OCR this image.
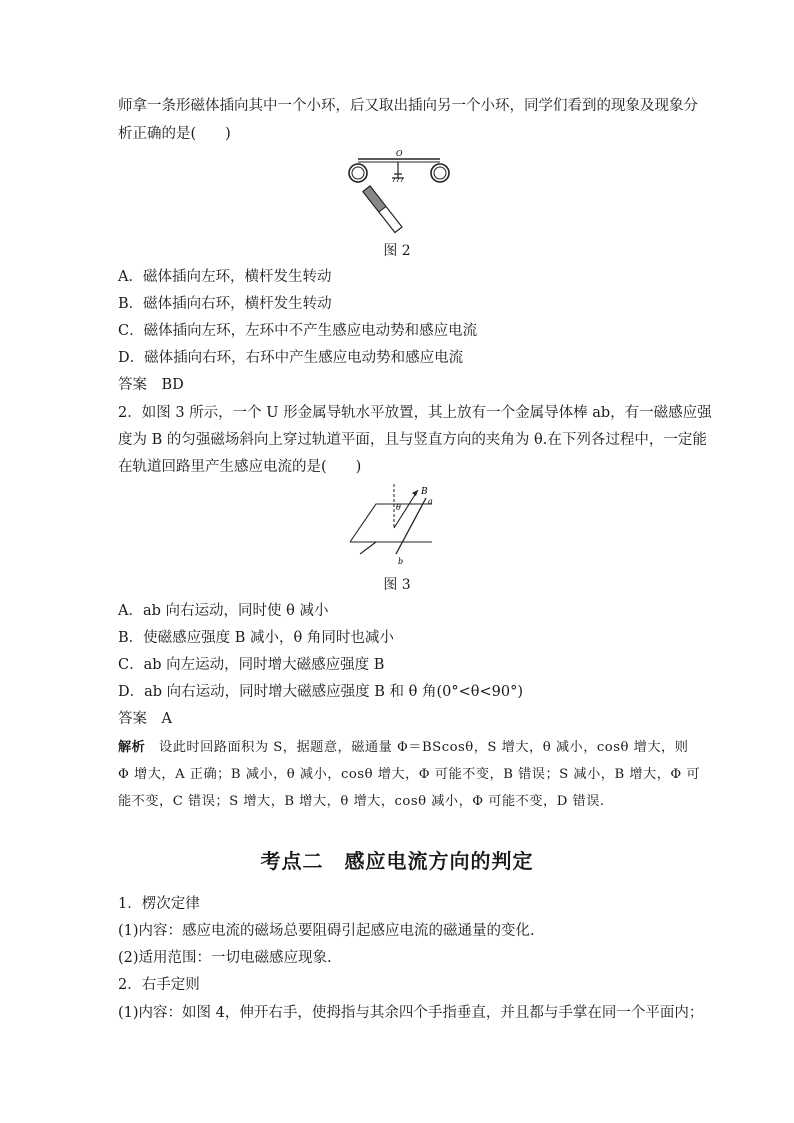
师拿一条形磁体插向其中一个小环，后又取出插向另一个小环，同学们看到的现象及现象分
析正确的是(　　)
O
图 2
A．磁体插向左环，横杆发生转动
B．磁体插向右环，横杆发生转动
C．磁体插向左环，左环中不产生感应电动势和感应电流
D．磁体插向右环，右环中产生感应电动势和感应电流
答案　BD
2．如图 3 所示，一个 U 形金属导轨水平放置，其上放有一个金属导体棒 ab，有一磁感应强
度为 B 的匀强磁场斜向上穿过轨道平面，且与竖直方向的夹角为 θ.在下列各过程中，一定能
在轨道回路里产生感应电流的是(　　)
B
a
b
θ
图 3
A．ab 向右运动，同时使 θ 减小
B．使磁感应强度 B 减小，θ 角同时也减小
C．ab 向左运动，同时增大磁感应强度 B
D．ab 向右运动，同时增大磁感应强度 B 和 θ 角(0°<θ<90°)
答案　A
解析　设此时回路面积为 S，据题意，磁通量 Φ＝BScosθ，S 增大，θ 减小，cosθ 增大，则
Φ 增大，A 正确；B 减小，θ 减小，cosθ 增大，Φ 可能不变，B 错误；S 减小，B 增大，Φ 可
能不变，C 错误；S 增大，B 增大，θ 增大，cosθ 减小，Φ 可能不变，D 错误.
考点二　感应电流方向的判定
1．楞次定律
(1)内容：感应电流的磁场总要阻碍引起感应电流的磁通量的变化.
(2)适用范围：一切电磁感应现象.
2．右手定则
(1)内容：如图 4，伸开右手，使拇指与其余四个手指垂直，并且都与手掌在同一个平面内；
